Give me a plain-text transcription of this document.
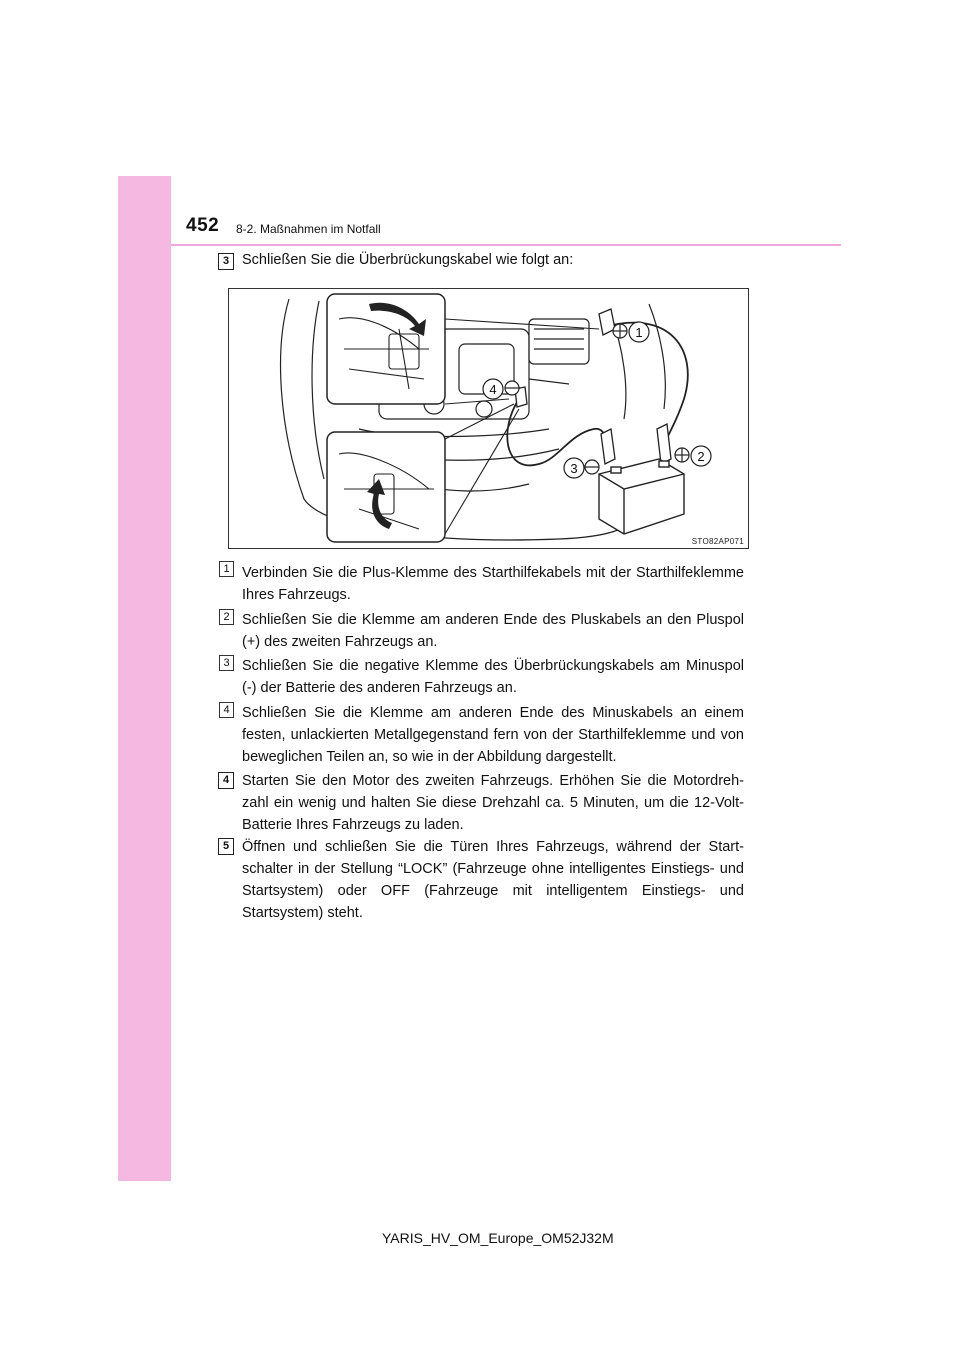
452 8-2. Maßnahmen im Notfall
3 Schließen Sie die Überbrückungskabel wie folgt an:

1
4
2
3
STO82AP071
1 Verbinden Sie die Plus-Klemme des Starthilfekabels mit der Starthilfeklemme Ihres Fahrzeugs.

2 Schließen Sie die Klemme am anderen Ende des Pluskabels an den Pluspol (+) des zweiten Fahrzeugs an.

3 Schließen Sie die negative Klemme des Überbrückungskabels am Minuspol (-) der Batterie des anderen Fahrzeugs an.

4 Schließen Sie die Klemme am anderen Ende des Minuskabels an einem festen, unlackierten Metallgegenstand fern von der Starthilfeklemme und von beweglichen Teilen an, so wie in der Abbildung dargestellt.

4 Starten Sie den Motor des zweiten Fahrzeugs. Erhöhen Sie die Motordrehzahl ein wenig und halten Sie diese Drehzahl ca. 5 Minuten, um die 12-Volt-Batterie Ihres Fahrzeugs zu laden.

5 Öffnen und schließen Sie die Türen Ihres Fahrzeugs, während der Startschalter in der Stellung “LOCK” (Fahrzeuge ohne intelligentes Einstiegs- und Startsystem) oder OFF (Fahrzeuge mit intelligentem Einstiegs- und Startsystem) steht.

YARIS_HV_OM_Europe_OM52J32M
